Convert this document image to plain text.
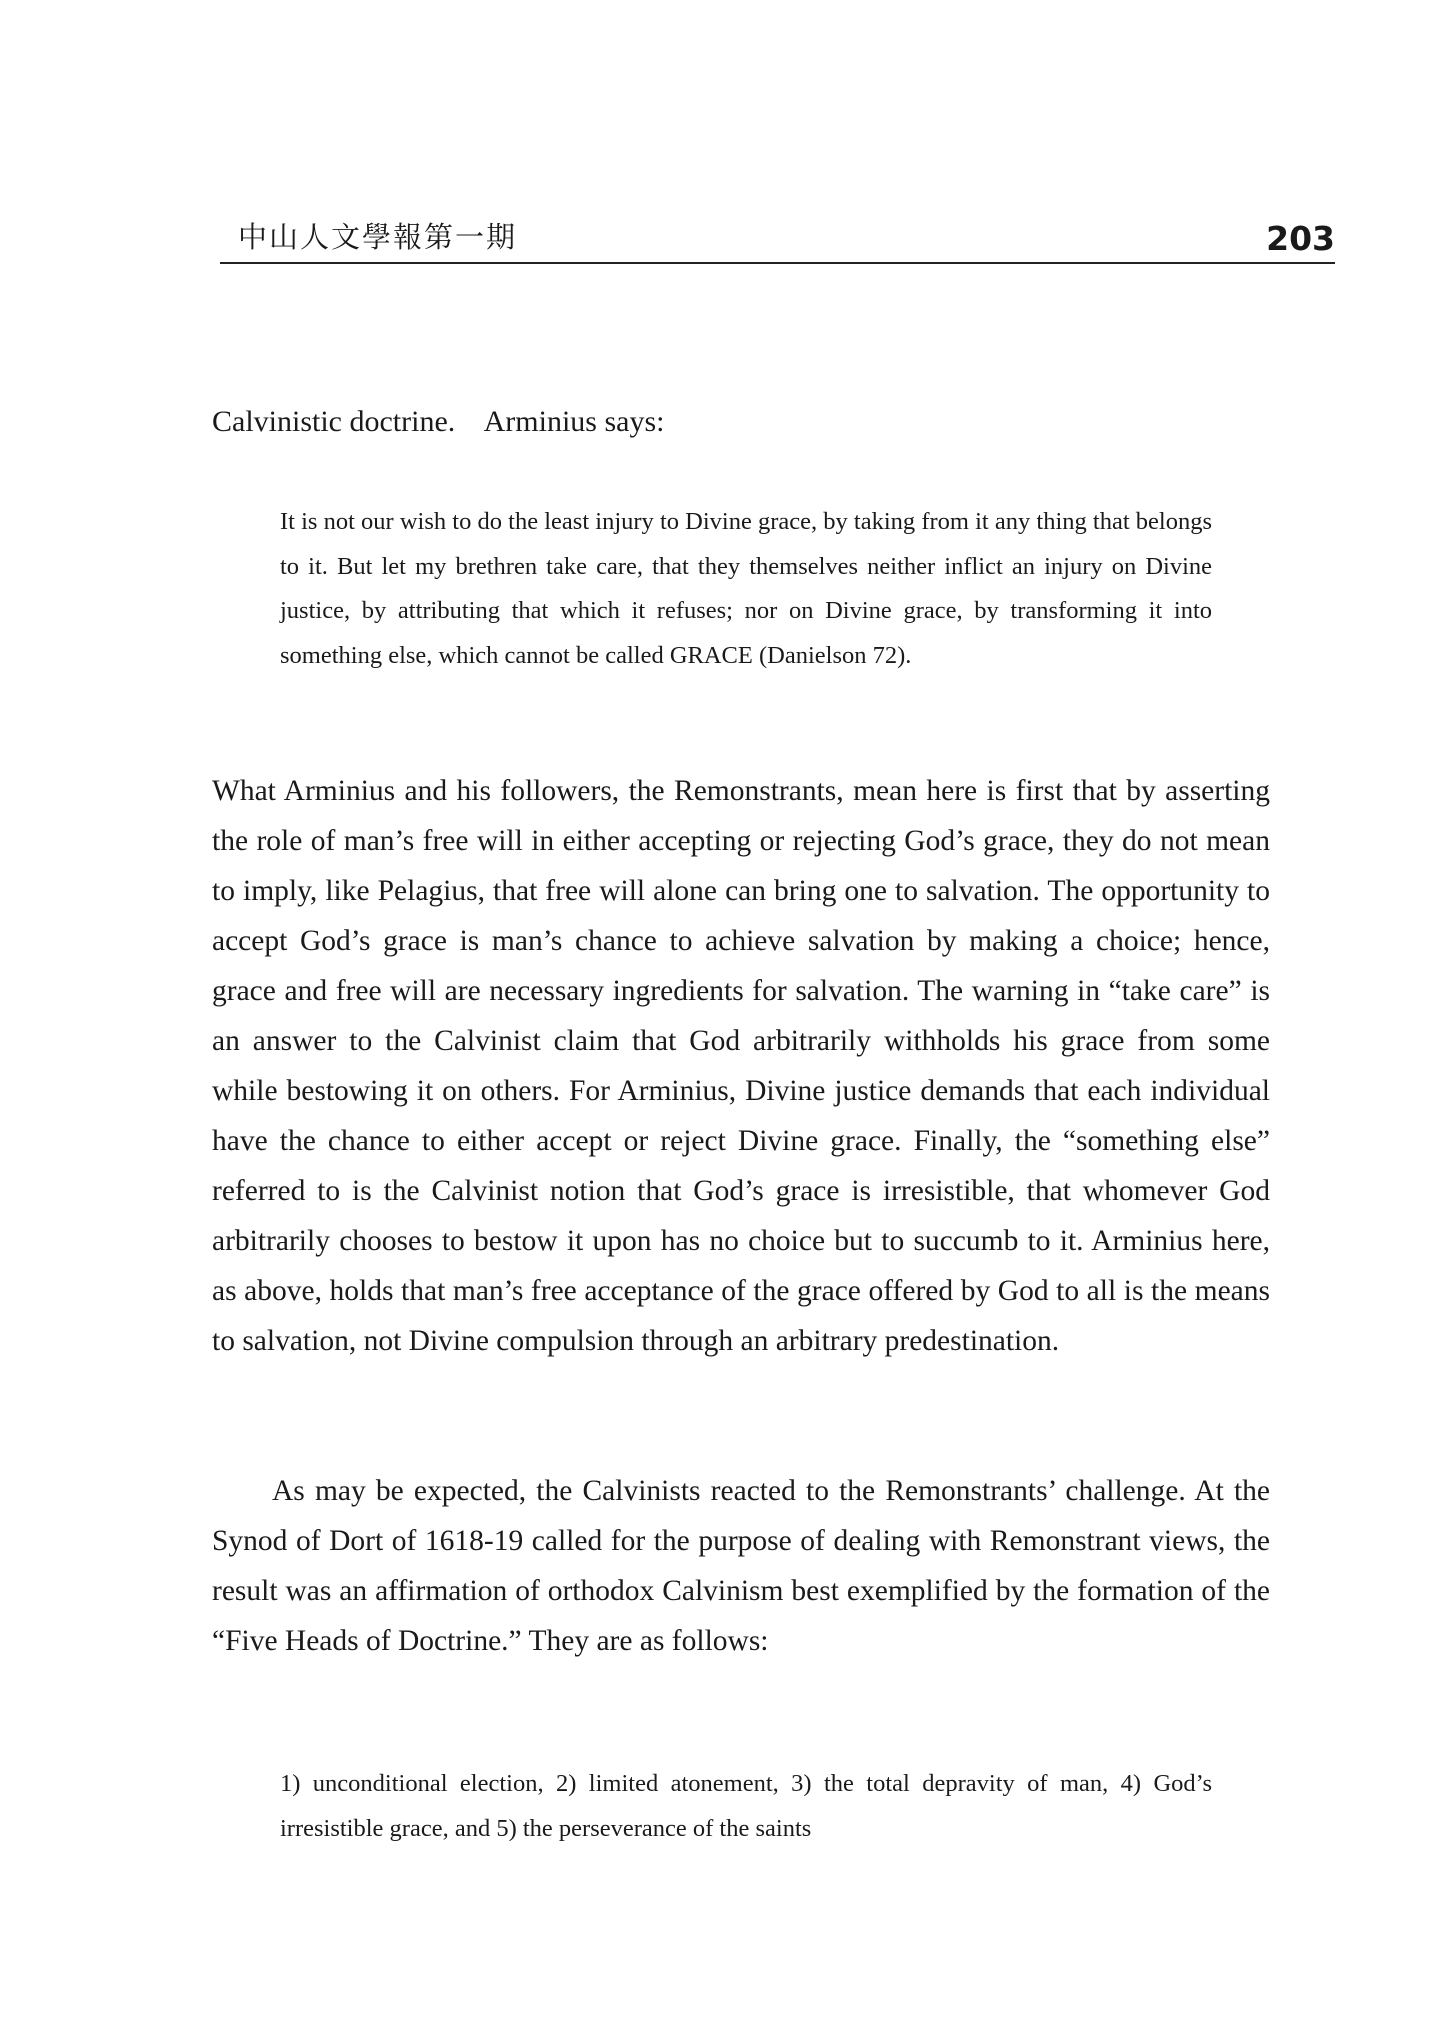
中山人文學報第一期	203
Calvinistic doctrine.    Arminius says:

It is not our wish to do the least injury to Divine grace, by taking from it any thing that belongs to it. But let my brethren take care, that they themselves neither inflict an injury on Divine justice, by attributing that which it refuses; nor on Divine grace, by transforming it into something else, which cannot be called GRACE (Danielson 72).

What Arminius and his followers, the Remonstrants, mean here is first that by asserting the role of man’s free will in either accepting or rejecting God’s grace, they do not mean to imply, like Pelagius, that free will alone can bring one to salvation. The opportunity to accept God’s grace is man’s chance to achieve salvation by making a choice; hence, grace and free will are necessary ingredients for salvation. The warning in “take care” is an answer to the Calvinist claim that God arbitrarily withholds his grace from some while bestowing it on others. For Arminius, Divine justice demands that each individual have the chance to either accept or reject Divine grace. Finally, the “something else” referred to is the Calvinist notion that God’s grace is irresistible, that whomever God arbitrarily chooses to bestow it upon has no choice but to succumb to it. Arminius here, as above, holds that man’s free acceptance of the grace offered by God to all is the means to salvation, not Divine compulsion through an arbitrary predestination.

As may be expected, the Calvinists reacted to the Remonstrants’ challenge. At the Synod of Dort of 1618-19 called for the purpose of dealing with Remonstrant views, the result was an affirmation of orthodox Calvinism best exemplified by the formation of the “Five Heads of Doctrine.” They are as follows:

1) unconditional election, 2) limited atonement, 3) the total depravity of man, 4) God’s irresistible grace, and 5) the perseverance of the saints
